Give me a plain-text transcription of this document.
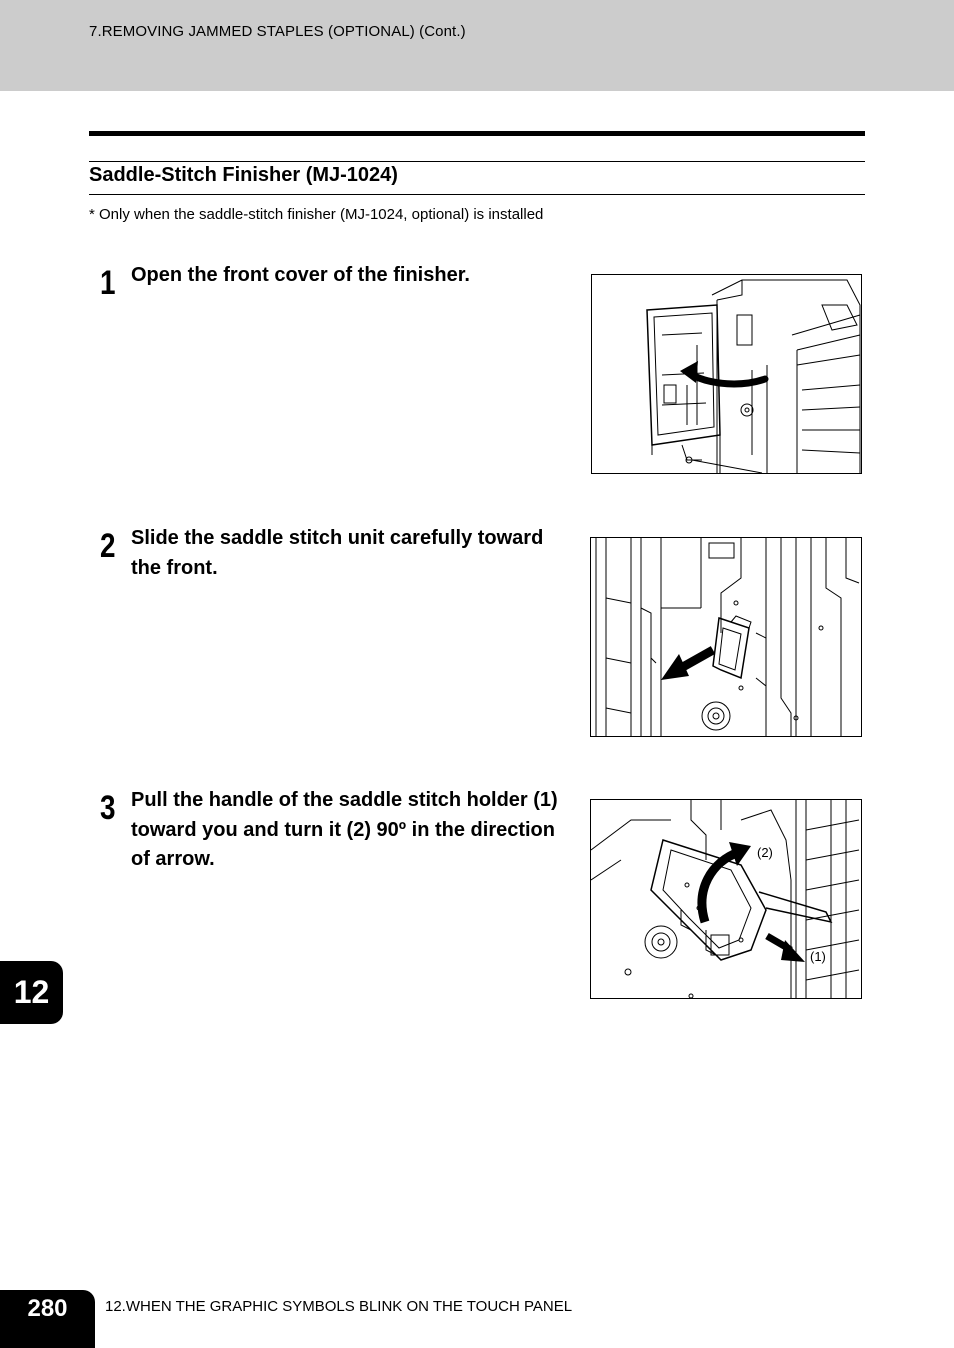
7.REMOVING JAMMED STAPLES (OPTIONAL) (Cont.)
Saddle-Stitch Finisher (MJ-1024)
* Only when the saddle-stitch finisher (MJ-1024, optional) is installed
1 Open the front cover of the finisher.
2 Slide the saddle stitch unit carefully toward the front.
3 Pull the handle of the saddle stitch holder (1) toward you and turn it (2) 90º in the direction of arrow.	(2)
(1)
12
280	12.WHEN THE GRAPHIC SYMBOLS BLINK ON THE TOUCH PANEL
